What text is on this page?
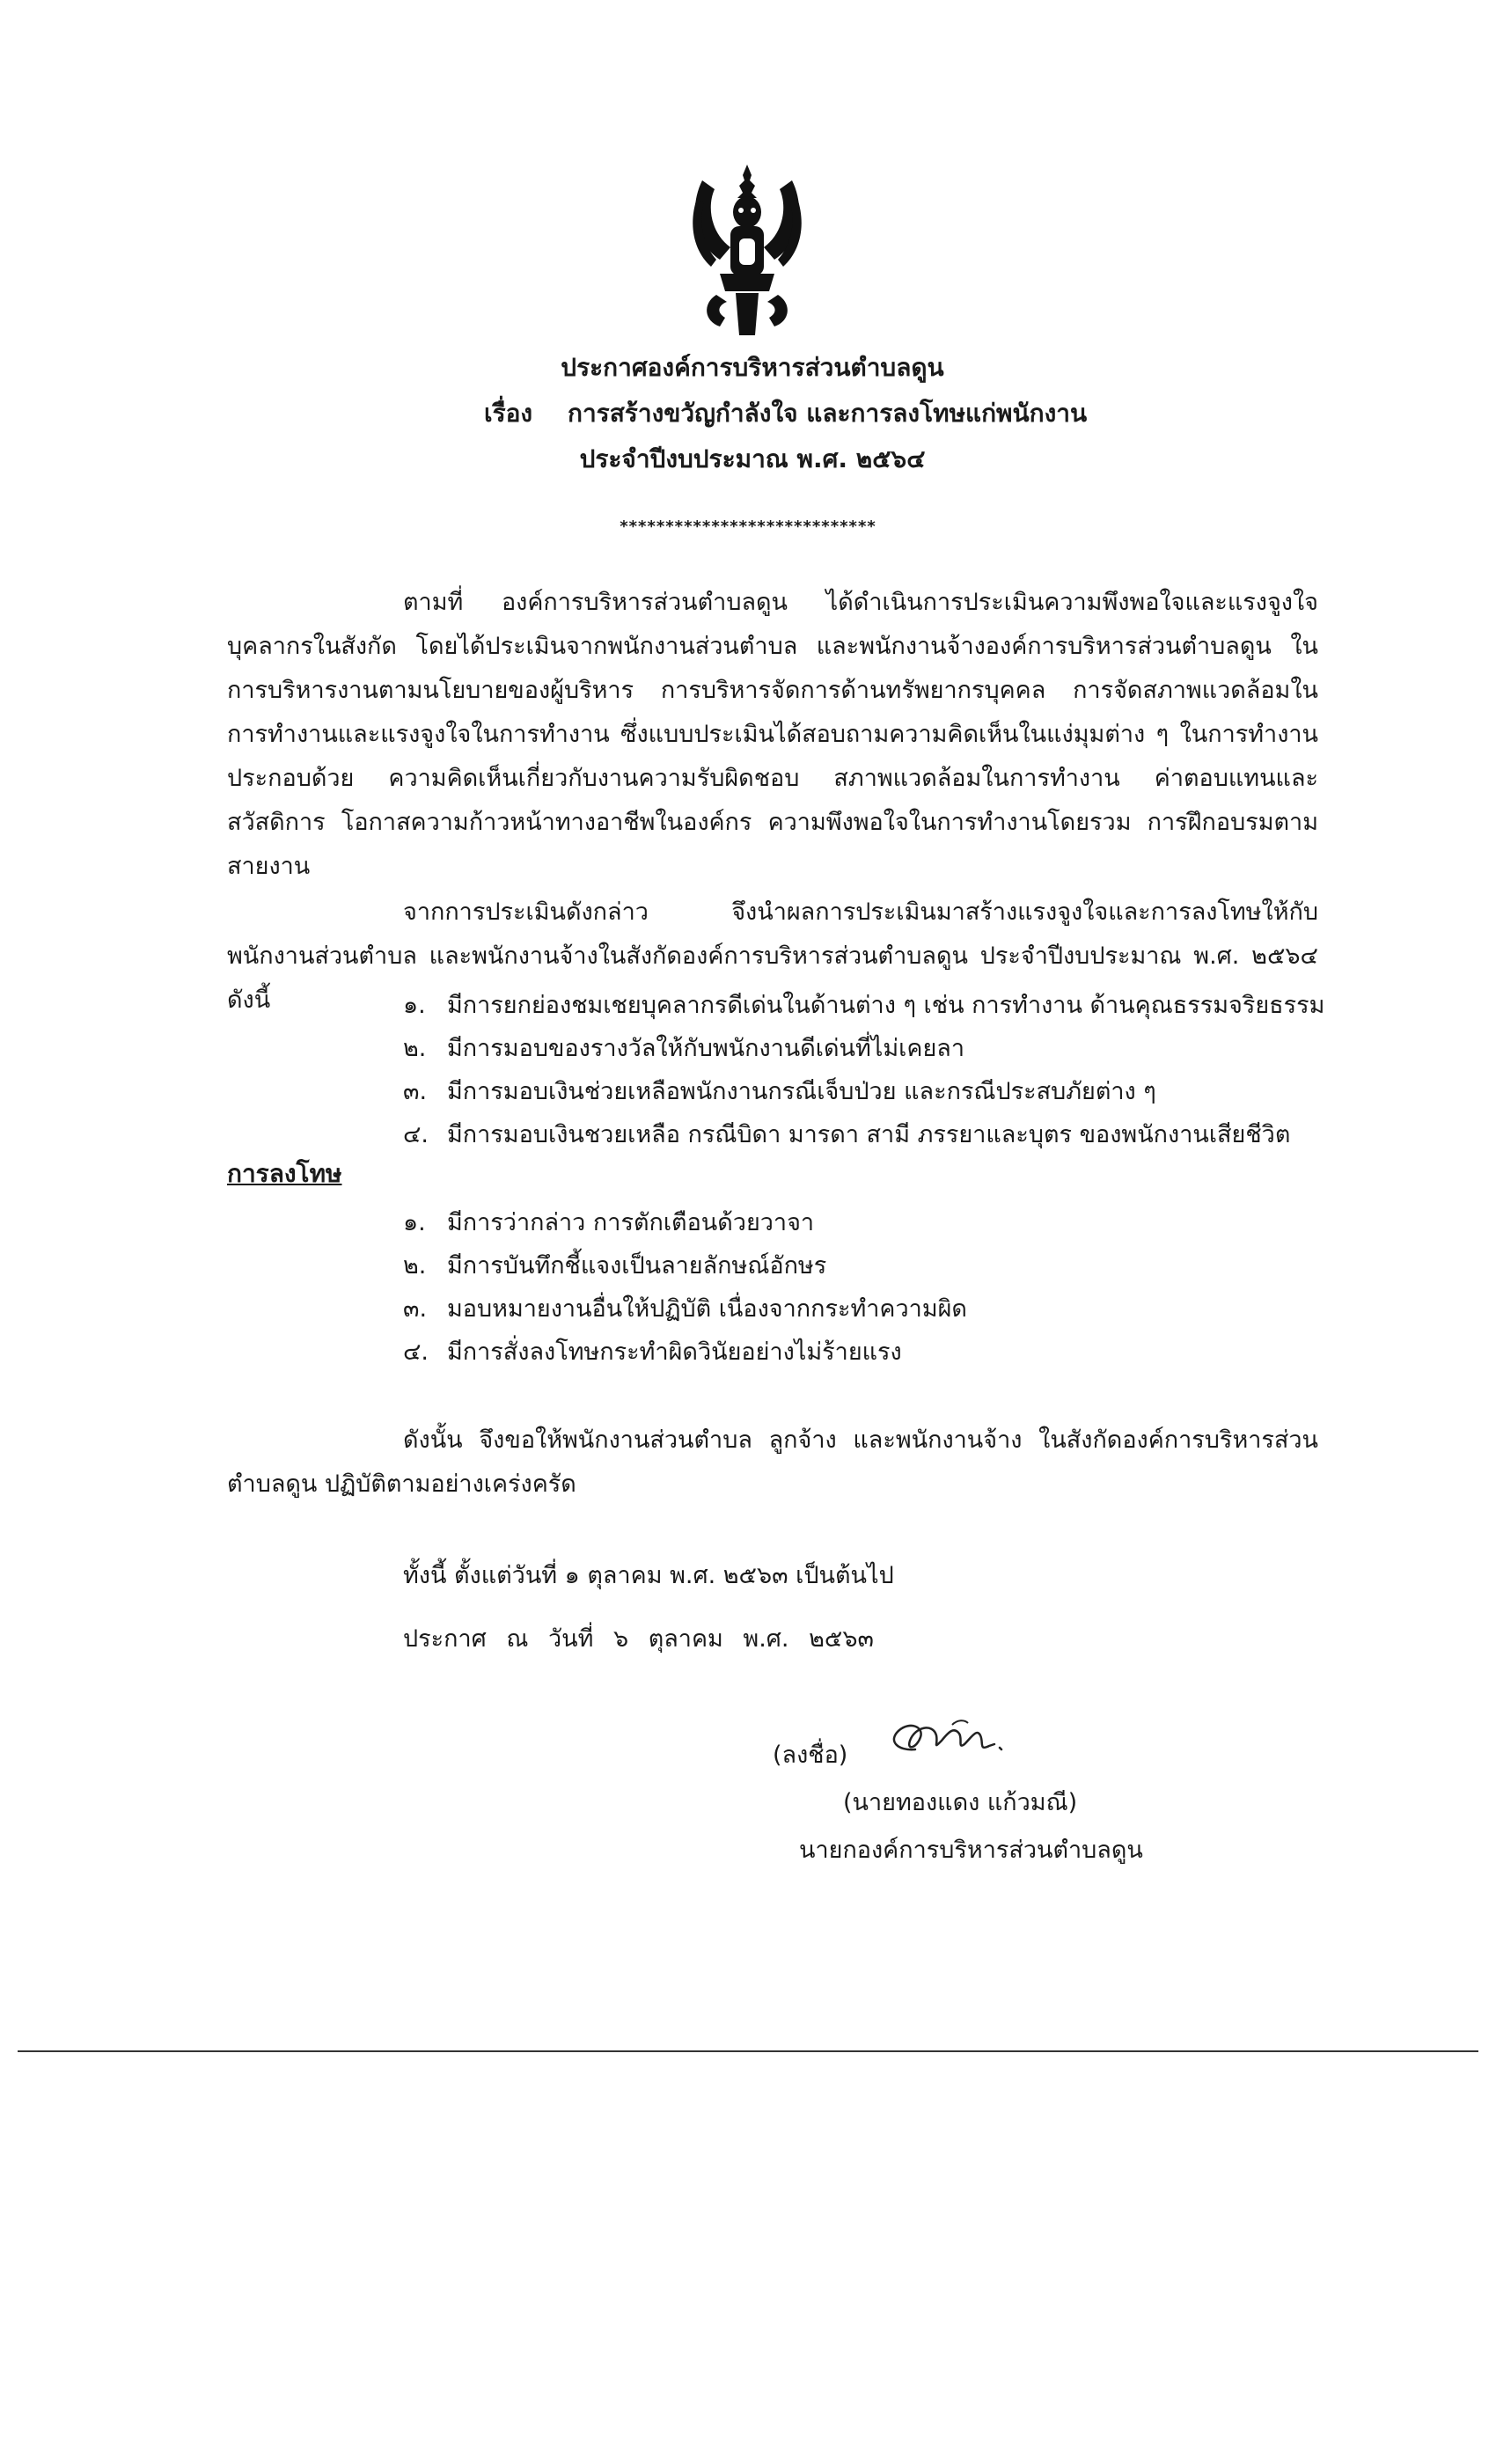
ประกาศองค์การบริหารส่วนตำบลดูน
เรื่อง การสร้างขวัญกำลังใจ และการลงโทษแก่พนักงาน
ประจำปีงบประมาณ พ.ศ. ๒๕๖๔
****************************

ตามที่ องค์การบริหารส่วนตำบลดูน ได้ดำเนินการประเมินความพึงพอใจและแรงจูงใจบุคลากรในสังกัด โดยได้ประเมินจากพนักงานส่วนตำบล และพนักงานจ้างองค์การบริหารส่วนตำบลดูน ในการบริหารงานตามนโยบายของผู้บริหาร การบริหารจัดการด้านทรัพยากรบุคคล การจัดสภาพแวดล้อมในการทำงานและแรงจูงใจในการทำงาน ซึ่งแบบประเมินได้สอบถามความคิดเห็นในแง่มุมต่าง ๆ ในการทำงาน ประกอบด้วย ความคิดเห็นเกี่ยวกับงานความรับผิดชอบ สภาพแวดล้อมในการทำงาน ค่าตอบแทนและสวัสดิการ โอกาสความก้าวหน้าทางอาชีพในองค์กร ความพึงพอใจในการทำงานโดยรวม การฝึกอบรมตามสายงาน

จากการประเมินดังกล่าว จึงนำผลการประเมินมาสร้างแรงจูงใจและการลงโทษให้กับพนักงานส่วนตำบล และพนักงานจ้างในสังกัดองค์การบริหารส่วนตำบลดูน ประจำปีงบประมาณ พ.ศ. ๒๕๖๔ ดังนี้	๑. มีการยกย่องชมเชยบุคลากรดีเด่นในด้านต่าง ๆ เช่น การทำงาน ด้านคุณธรรมจริยธรรม
๒. มีการมอบของรางวัลให้กับพนักงานดีเด่นที่ไม่เคยลา
๓. มีการมอบเงินช่วยเหลือพนักงานกรณีเจ็บป่วย และกรณีประสบภัยต่าง ๆ
๔. มีการมอบเงินชวยเหลือ กรณีบิดา มารดา สามี ภรรยาและบุตร ของพนักงานเสียชีวิต
การลงโทษ
๑. มีการว่ากล่าว การตักเตือนด้วยวาจา
๒. มีการบันทึกชี้แจงเป็นลายลักษณ์อักษร
๓. มอบหมายงานอื่นให้ปฏิบัติ เนื่องจากกระทำความผิด
๔. มีการสั่งลงโทษกระทำผิดวินัยอย่างไม่ร้ายแรง

ดังนั้น จึงขอให้พนักงานส่วนตำบล ลูกจ้าง และพนักงานจ้าง ในสังกัดองค์การบริหารส่วนตำบลดูน ปฏิบัติตามอย่างเคร่งครัด

ทั้งนี้ ตั้งแต่วันที่ ๑ ตุลาคม พ.ศ. ๒๕๖๓ เป็นต้นไป
ประกาศ ณ วันที่ ๖ ตุลาคม พ.ศ. ๒๕๖๓
(ลงชื่อ)
(นายทองแดง แก้วมณี)
นายกองค์การบริหารส่วนตำบลดูน
